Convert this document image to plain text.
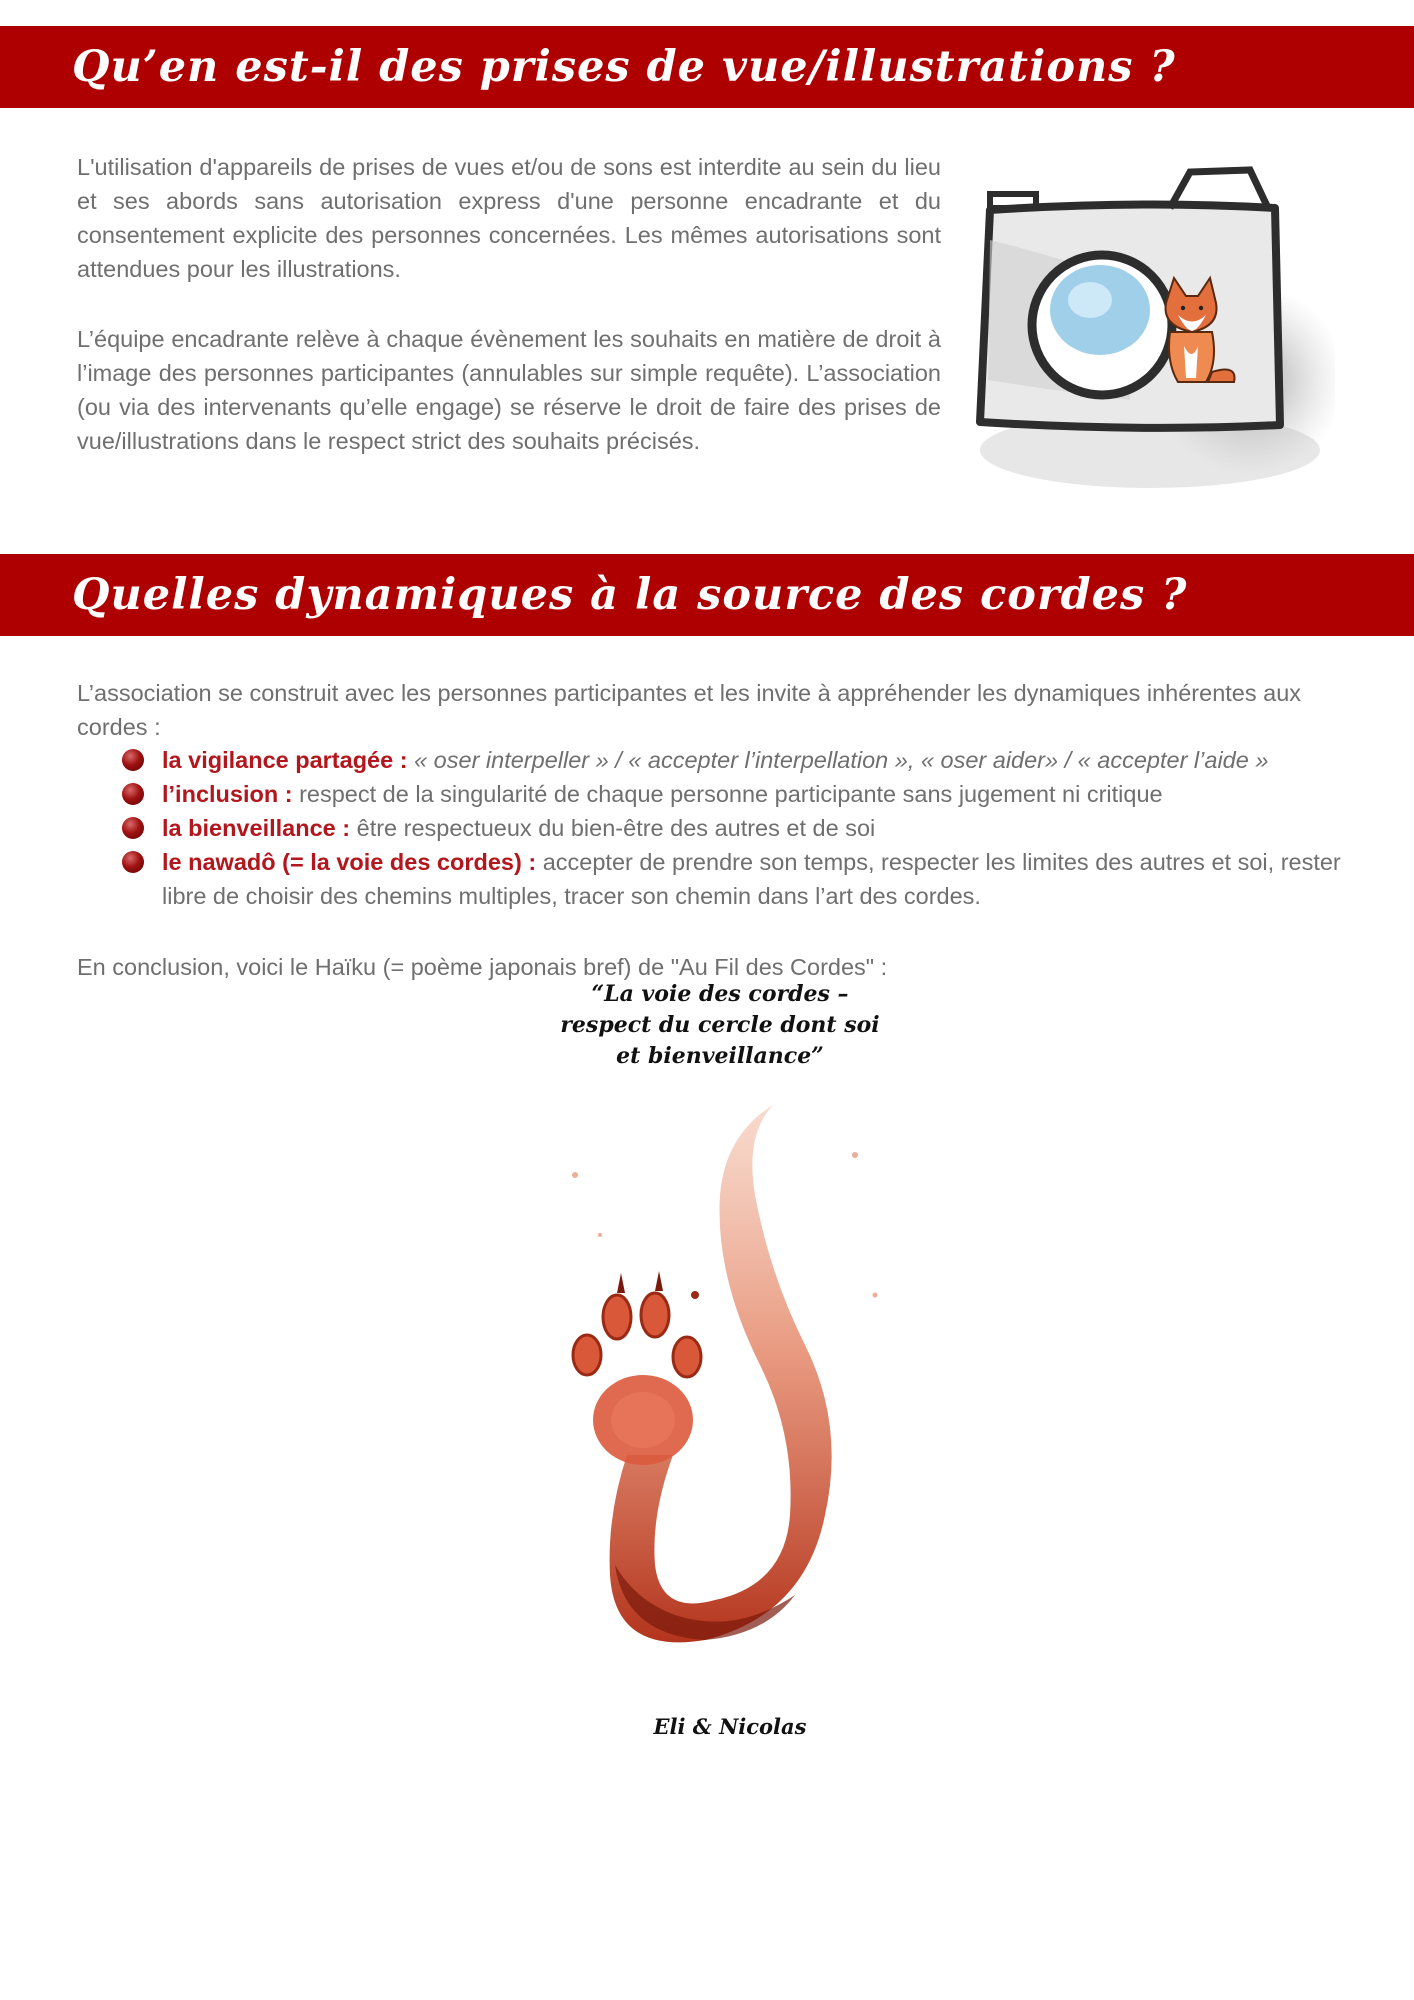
Qu’en est-il des prises de vue/illustrations ?

L'utilisation d'appareils de prises de vues et/ou de sons est interdite au sein du lieu et ses abords sans autorisation express d'une personne encadrante et du consentement explicite des personnes concernées. Les mêmes autorisations sont attendues pour les illustrations.

L’équipe encadrante relève à chaque évènement les souhaits en matière de droit à l’image des personnes participantes (annulables sur simple requête). L’association (ou via des intervenants qu’elle engage) se réserve le droit de faire des prises de vue/illustrations dans le respect strict des souhaits précisés.

Quelles dynamiques à la source des cordes ?

L’association se construit avec les personnes participantes et les invite à appréhender les dynamiques inhérentes aux cordes :

la vigilance partagée : « oser interpeller » / « accepter l’interpellation », « oser aider» / « accepter l’aide »
l’inclusion : respect de la singularité de chaque personne participante sans jugement ni critique
la bienveillance : être respectueux du bien-être des autres et de soi
le nawadô (= la voie des cordes) : accepter de prendre son temps, respecter les limites des autres et soi, rester libre de choisir des chemins multiples, tracer son chemin dans l’art des cordes.

En conclusion, voici le Haïku (= poème japonais bref) de "Au Fil des Cordes" :

“La voie des cordes –
respect du cercle dont soi
et bienveillance”
Eli & Nicolas
